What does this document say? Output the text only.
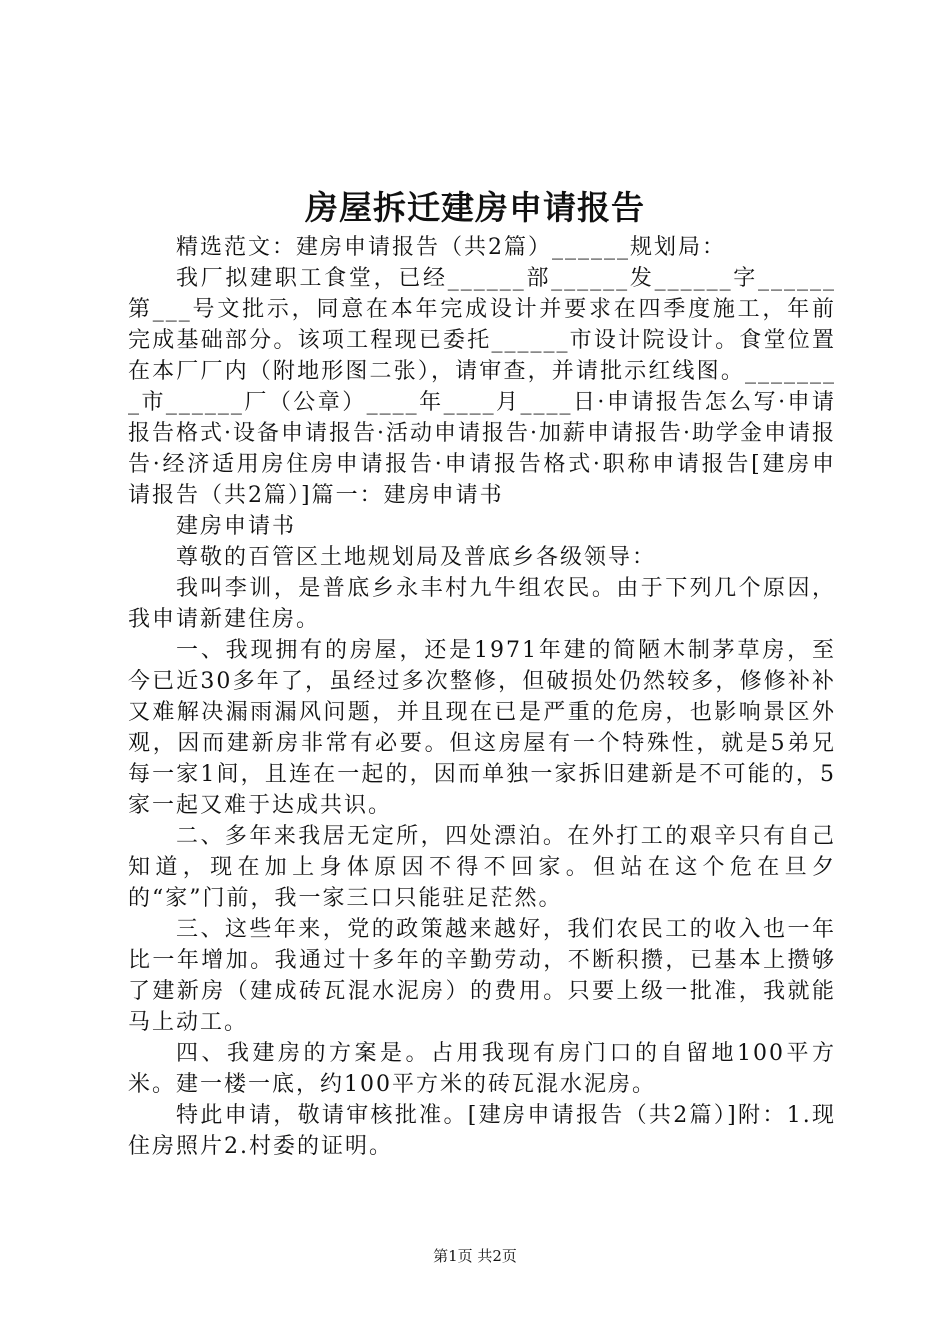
房屋拆迁建房申请报告

精选范文：建房申请报告（共2篇）______规划局：

我厂拟建职工食堂，已经______部______发______字______第___号文批示，同意在本年完成设计并要求在四季度施工，年前完成基础部分。该项工程现已委托______市设计院设计。食堂位置在本厂厂内（附地形图二张），请审查，并请批示红线图。________市______厂（公章）____年____月____日·申请报告怎么写·申请报告格式·设备申请报告·活动申请报告·加薪申请报告·助学金申请报告·经济适用房住房申请报告·申请报告格式·职称申请报告[建房申请报告（共2篇）]篇一：建房申请书

建房申请书

尊敬的百管区土地规划局及普底乡各级领导：

我叫李训，是普底乡永丰村九牛组农民。由于下列几个原因，我申请新建住房。

一、我现拥有的房屋，还是1971年建的简陋木制茅草房，至今已近30多年了，虽经过多次整修，但破损处仍然较多，修修补补又难解决漏雨漏风问题，并且现在已是严重的危房，也影响景区外观，因而建新房非常有必要。但这房屋有一个特殊性，就是5弟兄每一家1间，且连在一起的，因而单独一家拆旧建新是不可能的，5家一起又难于达成共识。

二、多年来我居无定所，四处漂泊。在外打工的艰辛只有自己知道，现在加上身体原因不得不回家。但站在这个危在旦夕的“家”门前，我一家三口只能驻足茫然。

三、这些年来，党的政策越来越好，我们农民工的收入也一年比一年增加。我通过十多年的辛勤劳动，不断积攒，已基本上攒够了建新房（建成砖瓦混水泥房）的费用。只要上级一批准，我就能马上动工。

四、我建房的方案是。占用我现有房门口的自留地100平方米。建一楼一底，约100平方米的砖瓦混水泥房。

特此申请，敬请审核批准。[建房申请报告（共2篇）]附：1.现住房照片2.村委的证明。

第1页 共2页
